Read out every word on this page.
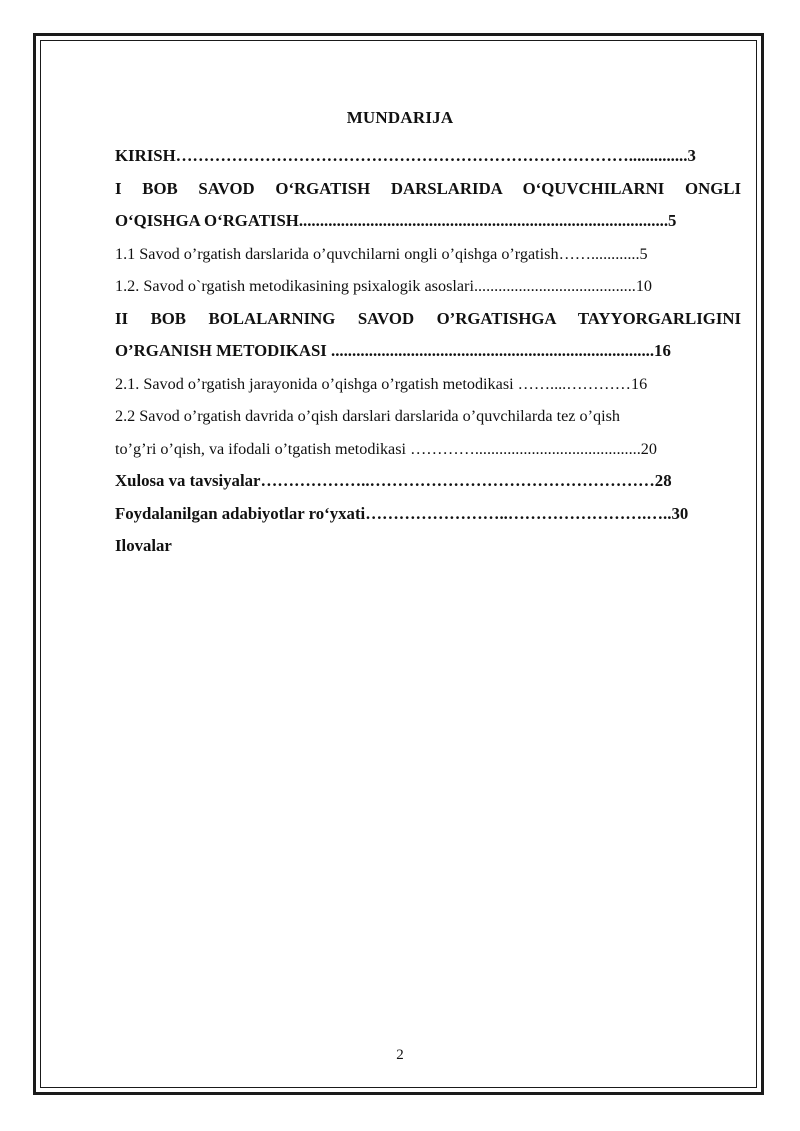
MUNDARIJA
KIRISH………………………………………………………………………..............3
I BOB SAVOD O‘RGATISH DARSLARIDA O‘QUVCHILARNI ONGLI
O‘QISHGA O‘RGATISH........................................................................................5
1.1 Savod o’rgatish darslarida o’quvchilarni ongli o’qishga o’rgatish……............5
1.2. Savod o`rgatish metodikasining psixalogik asoslari........................................10
II BOB BOLALARNING SAVOD O’RGATISHGA TAYYORGARLIGINI
O’RGANISH METODIKASI .............................................................................16
2.1. Savod o’rgatish jarayonida o’qishga o’rgatish metodikasi ……....…………16
2.2 Savod o’rgatish davrida o’qish darslari darslarida o’quvchilarda tez o’qish
to’g’ri o’qish, va ifodali o’tgatish metodikasi ………….........................................20
Xulosa va tavsiyalar………………..……………………………………………28
Foydalanilgan adabiyotlar ro‘yxati……………………..…………………….…..30
Ilovalar
2
